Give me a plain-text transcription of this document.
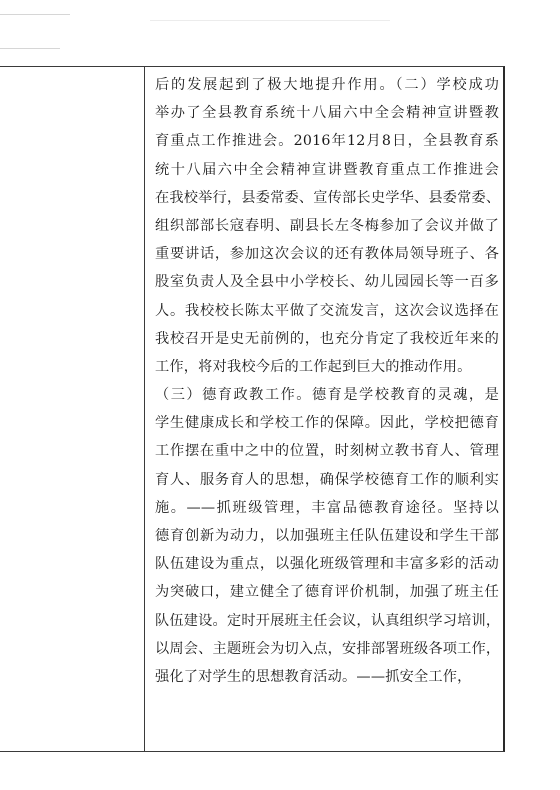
后的发展起到了极大地提升作用。（二）学校成功
举办了全县教育系统十八届六中全会精神宣讲暨教
育重点工作推进会。2016年12月8日，全县教育系
统十八届六中全会精神宣讲暨教育重点工作推进会
在我校举行，县委常委、宣传部长史学华、县委常委、
组织部部长寇春明、副县长左冬梅参加了会议并做了
重要讲话，参加这次会议的还有教体局领导班子、各
股室负责人及全县中小学校长、幼儿园园长等一百多
人。我校校长陈太平做了交流发言，这次会议选择在
我校召开是史无前例的，也充分肯定了我校近年来的
工作，将对我校今后的工作起到巨大的推动作用。
（三）德育政教工作。德育是学校教育的灵魂，是
学生健康成长和学校工作的保障。因此，学校把德育
工作摆在重中之中的位置，时刻树立教书育人、管理
育人、服务育人的思想，确保学校德育工作的顺利实
施。——抓班级管理，丰富品德教育途径。坚持以
德育创新为动力，以加强班主任队伍建设和学生干部
队伍建设为重点，以强化班级管理和丰富多彩的活动
为突破口，建立健全了德育评价机制，加强了班主任
队伍建设。定时开展班主任会议，认真组织学习培训，
以周会、主题班会为切入点，安排部署班级各项工作，
强化了对学生的思想教育活动。——抓安全工作，
